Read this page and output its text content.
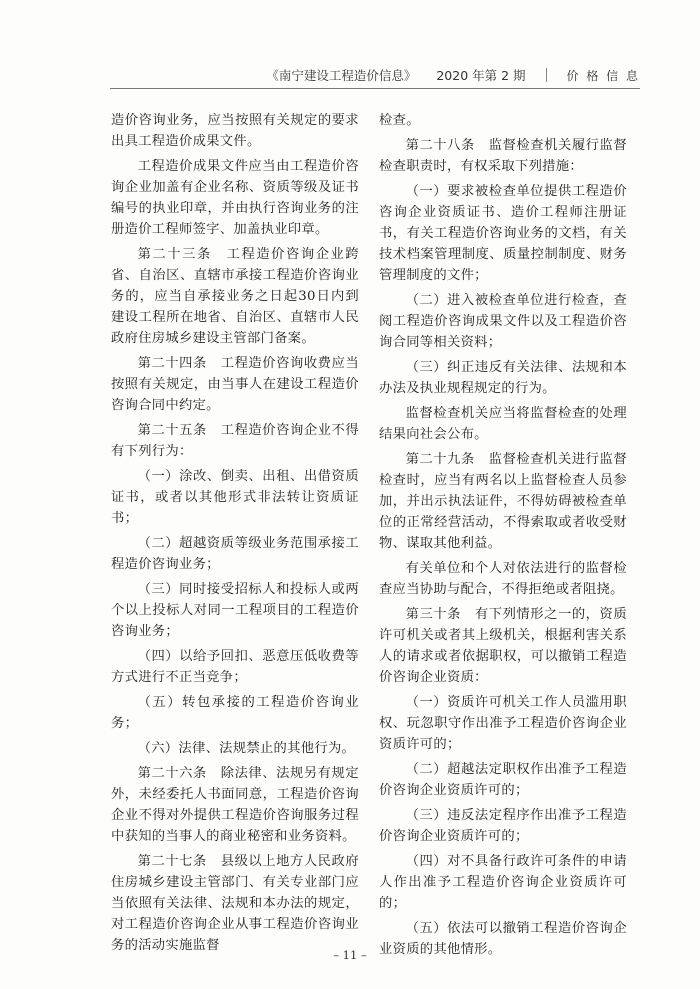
《南宁建设工程造价信息》 2020 年第 2 期	价 格 信 息

造价咨询业务，应当按照有关规定的要求出具工程造价成果文件。

工程造价成果文件应当由工程造价咨询企业加盖有企业名称、资质等级及证书编号的执业印章，并由执行咨询业务的注册造价工程师签字、加盖执业印章。

第二十三条　工程造价咨询企业跨省、自治区、直辖市承接工程造价咨询业务的，应当自承接业务之日起30日内到建设工程所在地省、自治区、直辖市人民政府住房城乡建设主管部门备案。

第二十四条　工程造价咨询收费应当按照有关规定，由当事人在建设工程造价咨询合同中约定。

第二十五条　工程造价咨询企业不得有下列行为：

（一）涂改、倒卖、出租、出借资质证书，或者以其他形式非法转让资质证书；

（二）超越资质等级业务范围承接工程造价咨询业务；

（三）同时接受招标人和投标人或两个以上投标人对同一工程项目的工程造价咨询业务；

（四）以给予回扣、恶意压低收费等方式进行不正当竞争；

（五）转包承接的工程造价咨询业务；

（六）法律、法规禁止的其他行为。

第二十六条　除法律、法规另有规定外，未经委托人书面同意，工程造价咨询企业不得对外提供工程造价咨询服务过程中获知的当事人的商业秘密和业务资料。

第二十七条　县级以上地方人民政府住房城乡建设主管部门、有关专业部门应当依照有关法律、法规和本办法的规定，对工程造价咨询企业从事工程造价咨询业务的活动实施监督

检查。

第二十八条　监督检查机关履行监督检查职责时，有权采取下列措施：

（一）要求被检查单位提供工程造价咨询企业资质证书、造价工程师注册证书，有关工程造价咨询业务的文档，有关技术档案管理制度、质量控制制度、财务管理制度的文件；

（二）进入被检查单位进行检查，查阅工程造价咨询成果文件以及工程造价咨询合同等相关资料；

（三）纠正违反有关法律、法规和本办法及执业规程规定的行为。

监督检查机关应当将监督检查的处理结果向社会公布。

第二十九条　监督检查机关进行监督检查时，应当有两名以上监督检查人员参加，并出示执法证件，不得妨碍被检查单位的正常经营活动，不得索取或者收受财物、谋取其他利益。

有关单位和个人对依法进行的监督检查应当协助与配合，不得拒绝或者阻挠。

第三十条　有下列情形之一的，资质许可机关或者其上级机关，根据利害关系人的请求或者依据职权，可以撤销工程造价咨询企业资质：

（一）资质许可机关工作人员滥用职权、玩忽职守作出准予工程造价咨询企业资质许可的；

（二）超越法定职权作出准予工程造价咨询企业资质许可的；

（三）违反法定程序作出准予工程造价咨询企业资质许可的；

（四）对不具备行政许可条件的申请人作出准予工程造价咨询企业资质许可的；

（五）依法可以撤销工程造价咨询企业资质的其他情形。

– 11 –
